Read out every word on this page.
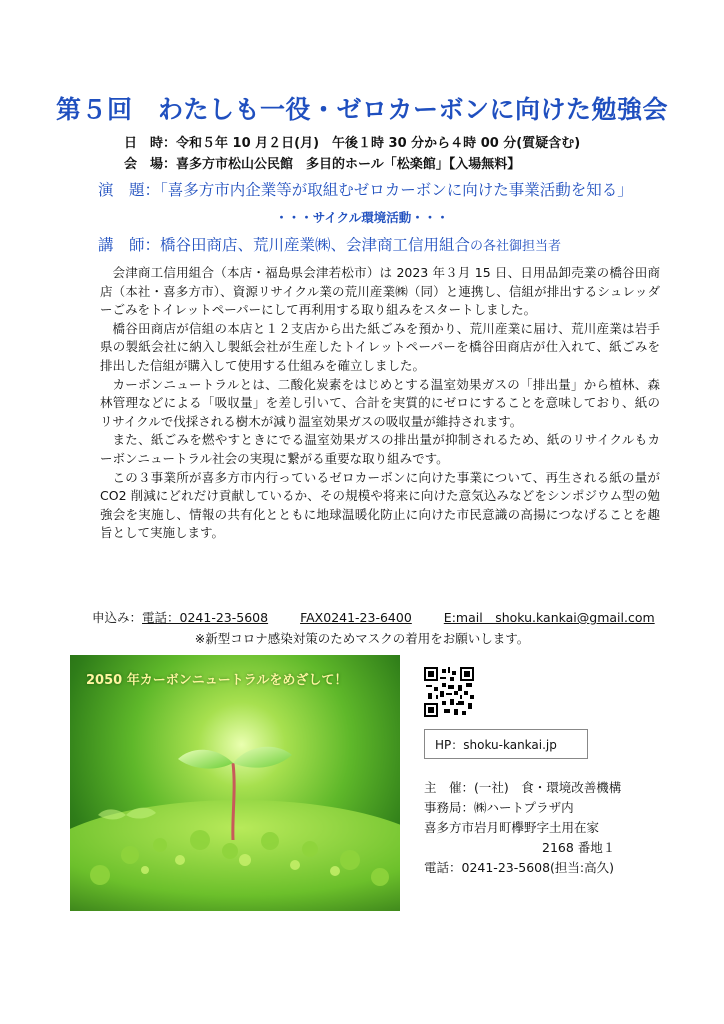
第５回　わたしも一役・ゼロカーボンに向けた勉強会
日　時：令和５年 10 月２日(月)　午後１時 30 分から４時 00 分(質疑含む)
会　場：喜多方市松山公民館　多目的ホール「松楽館」【入場無料】
演　題：「喜多方市内企業等が取組むゼロカーボンに向けた事業活動を知る」
・・・サイクル環境活動・・・
講　師：橋谷田商店、荒川産業㈱、会津商工信用組合の各社御担当者

会津商工信用組合（本店・福島県会津若松市）は 2023 年３月 15 日、日用品卸売業の橋谷田商店（本社・喜多方市）、資源リサイクル業の荒川産業㈱（同）と連携し、信組が排出するシュレッダーごみをトイレットペーパーにして再利用する取り組みをスタートしました。

橋谷田商店が信組の本店と１２支店から出た紙ごみを預かり、荒川産業に届け、荒川産業は岩手県の製紙会社に納入し製紙会社が生産したトイレットペーパーを橋谷田商店が仕入れて、紙ごみを排出した信組が購入して使用する仕組みを確立しました。

カーボンニュートラルとは、二酸化炭素をはじめとする温室効果ガスの「排出量」から植林、森林管理などによる「吸収量」を差し引いて、合計を実質的にゼロにすることを意味しており、紙のリサイクルで伐採される樹木が減り温室効果ガスの吸収量が維持されます。

また、紙ごみを燃やすときにでる温室効果ガスの排出量が抑制されるため、紙のリサイクルもカーボンニュートラル社会の実現に繋がる重要な取り組みです。

この３事業所が喜多方市内行っているゼロカーボンに向けた事業について、再生される紙の量が CO2 削減にどれだけ貢献しているか、その規模や将来に向けた意気込みなどをシンポジウム型の勉強会を実施し、情報の共有化とともに地球温暖化防止に向けた市民意識の高揚につなげることを趣旨として実施します。

申込み：電話：0241-23-5608	FAX0241-23-6400	E:mail　shoku.kankai@gmail.com
※新型コロナ感染対策のためマスクの着用をお願いします。
2050 年カーボンニュートラルをめざして！
HP：shoku-kankai.jp
主　催：(一社)　食・環境改善機構
事務局：㈱ハートプラザ内
喜多方市岩月町欅野字土用在家

2168 番地１
電話：0241-23-5608(担当:高久)
